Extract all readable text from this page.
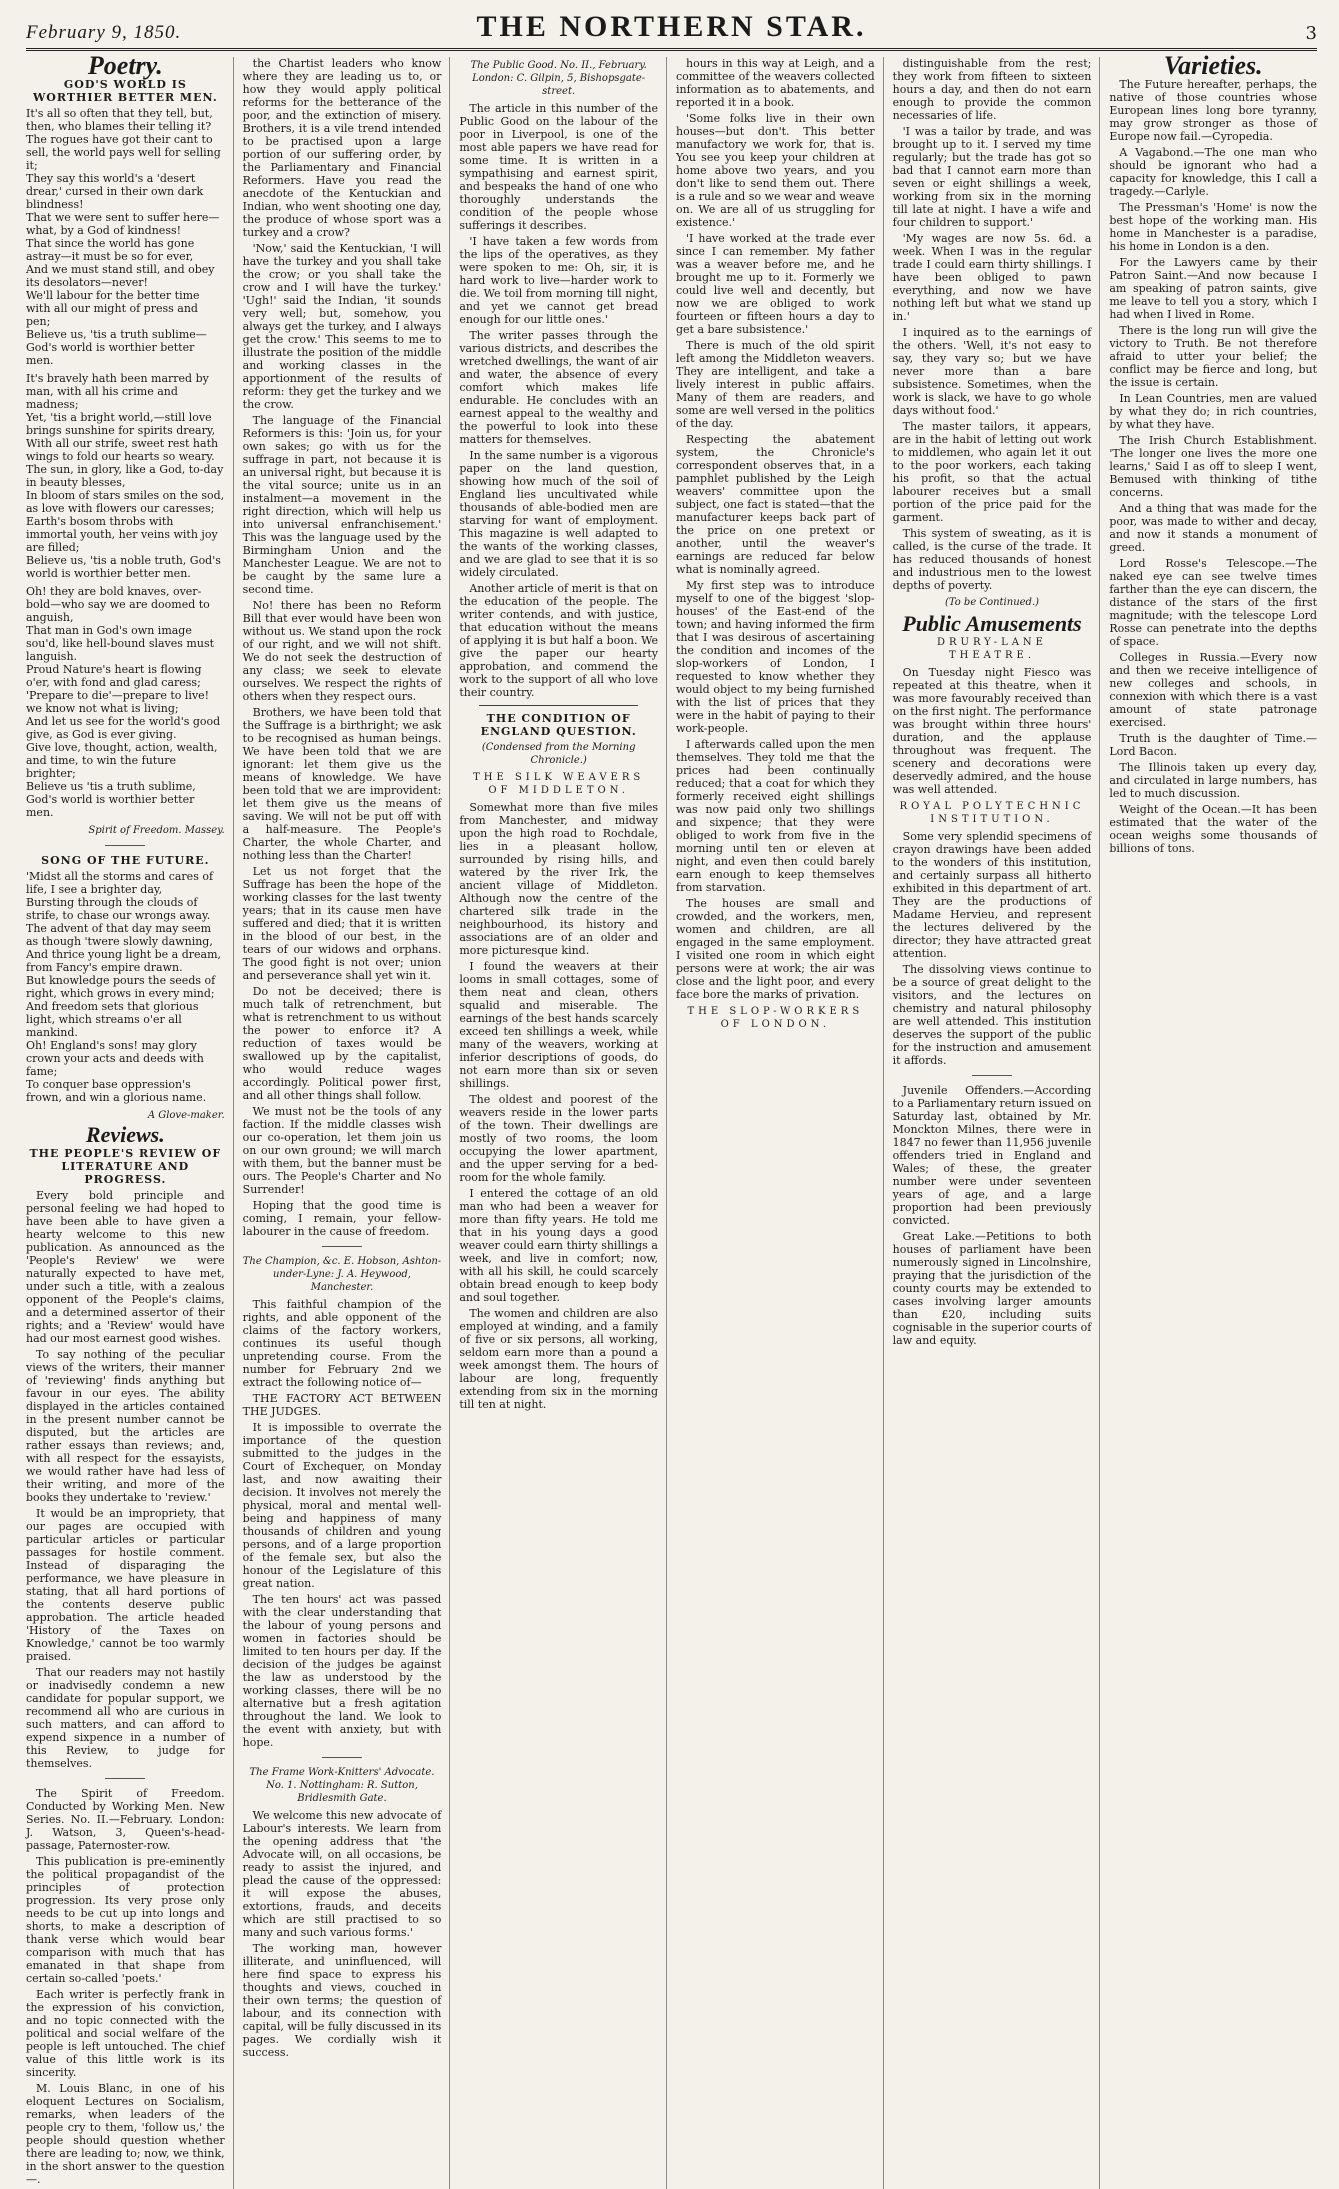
February 9, 1850.	THE NORTHERN STAR.	3
Poetry.
GOD'S WORLD IS WORTHIER BETTER MEN.

It's all so often that they tell, but, then, who blames their telling it?

The rogues have got their cant to sell, the world pays well for selling it;

They say this world's a 'desert drear,' cursed in their own dark blindness!

That we were sent to suffer here—what, by a God of kindness!

That since the world has gone astray—it must be so for ever,

And we must stand still, and obey its desolators—never!

We'll labour for the better time with all our might of press and pen;

Believe us, 'tis a truth sublime—God's world is worthier better men.

It's bravely hath been marred by man, with all his crime and madness;

Yet, 'tis a bright world,—still love brings sunshine for spirits dreary,

With all our strife, sweet rest hath wings to fold our hearts so weary.

The sun, in glory, like a God, to-day in beauty blesses,

In bloom of stars smiles on the sod, as love with flowers our caresses;

Earth's bosom throbs with immortal youth, her veins with joy are filled;

Believe us, 'tis a noble truth, God's world is worthier better men.

Oh! they are bold knaves, over-bold—who say we are doomed to anguish,

That man in God's own image sou'd, like hell-bound slaves must languish.

Proud Nature's heart is flowing o'er, with fond and glad caress;

'Prepare to die'—prepare to live! we know not what is living;

And let us see for the world's good give, as God is ever giving.

Give love, thought, action, wealth, and time, to win the future brighter;

Believe us 'tis a truth sublime, God's world is worthier better men.

Spirit of Freedom. Massey.
SONG OF THE FUTURE.

'Midst all the storms and cares of life, I see a brighter day,

Bursting through the clouds of strife, to chase our wrongs away.

The advent of that day may seem as though 'twere slowly dawning,

And thrice young light be a dream, from Fancy's empire drawn.

But knowledge pours the seeds of right, which grows in every mind;

And freedom sets that glorious light, which streams o'er all mankind.

Oh! England's sons! may glory crown your acts and deeds with fame;

To conquer base oppression's frown, and win a glorious name.

A Glove-maker.
Reviews.
THE PEOPLE'S REVIEW OF LITERATURE AND PROGRESS.

Every bold principle and personal feeling we had hoped to have been able to have given a hearty welcome to this new publication. As announced as the 'People's Review' we were naturally expected to have met, under such a title, with a zealous opponent of the People's claims, and a determined assertor of their rights; and a 'Review' would have had our most earnest good wishes.

To say nothing of the peculiar views of the writers, their manner of 'reviewing' finds anything but favour in our eyes. The ability displayed in the articles contained in the present number cannot be disputed, but the articles are rather essays than reviews; and, with all respect for the essayists, we would rather have had less of their writing, and more of the books they undertake to 'review.'

It would be an impropriety, that our pages are occupied with particular articles or particular passages for hostile comment. Instead of disparaging the performance, we have pleasure in stating, that all hard portions of the contents deserve public approbation. The article headed 'History of the Taxes on Knowledge,' cannot be too warmly praised.

That our readers may not hastily or inadvisedly condemn a new candidate for popular support, we recommend all who are curious in such matters, and can afford to expend sixpence in a number of this Review, to judge for themselves.

The Spirit of Freedom. Conducted by Working Men. New Series. No. II.—February. London: J. Watson, 3, Queen's-head-passage, Paternoster-row.

This publication is pre-eminently the political propagandist of the principles of protection progression. Its very prose only needs to be cut up into longs and shorts, to make a description of thank verse which would bear comparison with much that has emanated in that shape from certain so-called 'poets.'

Each writer is perfectly frank in the expression of his conviction, and no topic connected with the political and social welfare of the people is left untouched. The chief value of this little work is its sincerity.

M. Louis Blanc, in one of his eloquent Lectures on Socialism, remarks, when leaders of the people cry to them, 'follow us,' the people should question whether there are leading to; now, we think, in the short answer to the question—.

the Chartist leaders who know where they are leading us to, or how they would apply political reforms for the betterance of the poor, and the extinction of misery. Brothers, it is a vile trend intended to be practised upon a large portion of our suffering order, by the Parliamentary and Financial Reformers. Have you read the anecdote of the Kentuckian and Indian, who went shooting one day, the produce of whose sport was a turkey and a crow?

'Now,' said the Kentuckian, 'I will have the turkey and you shall take the crow; or you shall take the crow and I will have the turkey.' 'Ugh!' said the Indian, 'it sounds very well; but, somehow, you always get the turkey, and I always get the crow.' This seems to me to illustrate the position of the middle and working classes in the apportionment of the results of reform: they get the turkey and we the crow.

The language of the Financial Reformers is this: 'Join us, for your own sakes; go with us for the suffrage in part, not because it is an universal right, but because it is the vital source; unite us in an instalment—a movement in the right direction, which will help us into universal enfranchisement.' This was the language used by the Birmingham Union and the Manchester League. We are not to be caught by the same lure a second time.

No! there has been no Reform Bill that ever would have been won without us. We stand upon the rock of our right, and we will not shift. We do not seek the destruction of any class; we seek to elevate ourselves. We respect the rights of others when they respect ours.

Brothers, we have been told that the Suffrage is a birthright; we ask to be recognised as human beings. We have been told that we are ignorant: let them give us the means of knowledge. We have been told that we are improvident: let them give us the means of saving. We will not be put off with a half-measure. The People's Charter, the whole Charter, and nothing less than the Charter!

Let us not forget that the Suffrage has been the hope of the working classes for the last twenty years; that in its cause men have suffered and died; that it is written in the blood of our best, in the tears of our widows and orphans. The good fight is not over; union and perseverance shall yet win it.

Do not be deceived; there is much talk of retrenchment, but what is retrenchment to us without the power to enforce it? A reduction of taxes would be swallowed up by the capitalist, who would reduce wages accordingly. Political power first, and all other things shall follow.

We must not be the tools of any faction. If the middle classes wish our co-operation, let them join us on our own ground; we will march with them, but the banner must be ours. The People's Charter and No Surrender!

Hoping that the good time is coming, I remain, your fellow-labourer in the cause of freedom.

The Champion, &c. E. Hobson, Ashton-under-Lyne: J. A. Heywood, Manchester.

This faithful champion of the rights, and able opponent of the claims of the factory workers, continues its useful though unpretending course. From the number for February 2nd we extract the following notice of—

THE FACTORY ACT BETWEEN THE JUDGES.

It is impossible to overrate the importance of the question submitted to the judges in the Court of Exchequer, on Monday last, and now awaiting their decision. It involves not merely the physical, moral and mental well-being and happiness of many thousands of children and young persons, and of a large proportion of the female sex, but also the honour of the Legislature of this great nation.

The ten hours' act was passed with the clear understanding that the labour of young persons and women in factories should be limited to ten hours per day. If the decision of the judges be against the law as understood by the working classes, there will be no alternative but a fresh agitation throughout the land. We look to the event with anxiety, but with hope.

The Frame Work-Knitters' Advocate. No. 1. Nottingham: R. Sutton, Bridlesmith Gate.

We welcome this new advocate of Labour's interests. We learn from the opening address that 'the Advocate will, on all occasions, be ready to assist the injured, and plead the cause of the oppressed: it will expose the abuses, extortions, frauds, and deceits which are still practised to so many and such various forms.'

The working man, however illiterate, and uninfluenced, will here find space to express his thoughts and views, couched in their own terms; the question of labour, and its connection with capital, will be fully discussed in its pages. We cordially wish it success.

The Public Good. No. II., February. London: C. Gilpin, 5, Bishopsgate-street.

The article in this number of the Public Good on the labour of the poor in Liverpool, is one of the most able papers we have read for some time. It is written in a sympathising and earnest spirit, and bespeaks the hand of one who thoroughly understands the condition of the people whose sufferings it describes.

'I have taken a few words from the lips of the operatives, as they were spoken to me: Oh, sir, it is hard work to live—harder work to die. We toil from morning till night, and yet we cannot get bread enough for our little ones.'

The writer passes through the various districts, and describes the wretched dwellings, the want of air and water, the absence of every comfort which makes life endurable. He concludes with an earnest appeal to the wealthy and the powerful to look into these matters for themselves.

In the same number is a vigorous paper on the land question, showing how much of the soil of England lies uncultivated while thousands of able-bodied men are starving for want of employment. This magazine is well adapted to the wants of the working classes, and we are glad to see that it is so widely circulated.

Another article of merit is that on the education of the people. The writer contends, and with justice, that education without the means of applying it is but half a boon. We give the paper our hearty approbation, and commend the work to the support of all who love their country.

THE CONDITION OF ENGLAND QUESTION.
(Condensed from the Morning Chronicle.)
THE SILK WEAVERS OF MIDDLETON.

Somewhat more than five miles from Manchester, and midway upon the high road to Rochdale, lies in a pleasant hollow, surrounded by rising hills, and watered by the river Irk, the ancient village of Middleton. Although now the centre of the chartered silk trade in the neighbourhood, its history and associations are of an older and more picturesque kind.

I found the weavers at their looms in small cottages, some of them neat and clean, others squalid and miserable. The earnings of the best hands scarcely exceed ten shillings a week, while many of the weavers, working at inferior descriptions of goods, do not earn more than six or seven shillings.

The oldest and poorest of the weavers reside in the lower parts of the town. Their dwellings are mostly of two rooms, the loom occupying the lower apartment, and the upper serving for a bed-room for the whole family.

I entered the cottage of an old man who had been a weaver for more than fifty years. He told me that in his young days a good weaver could earn thirty shillings a week, and live in comfort; now, with all his skill, he could scarcely obtain bread enough to keep body and soul together.

The women and children are also employed at winding, and a family of five or six persons, all working, seldom earn more than a pound a week amongst them. The hours of labour are long, frequently extending from six in the morning till ten at night.

hours in this way at Leigh, and a committee of the weavers collected information as to abatements, and reported it in a book.

'Some folks live in their own houses—but don't. This better manufactory we work for, that is. You see you keep your children at home above two years, and you don't like to send them out. There is a rule and so we wear and weave on. We are all of us struggling for existence.'

'I have worked at the trade ever since I can remember. My father was a weaver before me, and he brought me up to it. Formerly we could live well and decently, but now we are obliged to work fourteen or fifteen hours a day to get a bare subsistence.'

There is much of the old spirit left among the Middleton weavers. They are intelligent, and take a lively interest in public affairs. Many of them are readers, and some are well versed in the politics of the day.

Respecting the abatement system, the Chronicle's correspondent observes that, in a pamphlet published by the Leigh weavers' committee upon the subject, one fact is stated—that the manufacturer keeps back part of the price on one pretext or another, until the weaver's earnings are reduced far below what is nominally agreed.

My first step was to introduce myself to one of the biggest 'slop-houses' of the East-end of the town; and having informed the firm that I was desirous of ascertaining the condition and incomes of the slop-workers of London, I requested to know whether they would object to my being furnished with the list of prices that they were in the habit of paying to their work-people.

I afterwards called upon the men themselves. They told me that the prices had been continually reduced; that a coat for which they formerly received eight shillings was now paid only two shillings and sixpence; that they were obliged to work from five in the morning until ten or eleven at night, and even then could barely earn enough to keep themselves from starvation.

The houses are small and crowded, and the workers, men, women and children, are all engaged in the same employment. I visited one room in which eight persons were at work; the air was close and the light poor, and every face bore the marks of privation.

THE SLOP-WORKERS OF LONDON.

distinguishable from the rest; they work from fifteen to sixteen hours a day, and then do not earn enough to provide the common necessaries of life.

'I was a tailor by trade, and was brought up to it. I served my time regularly; but the trade has got so bad that I cannot earn more than seven or eight shillings a week, working from six in the morning till late at night. I have a wife and four children to support.'

'My wages are now 5s. 6d. a week. When I was in the regular trade I could earn thirty shillings. I have been obliged to pawn everything, and now we have nothing left but what we stand up in.'

I inquired as to the earnings of the others. 'Well, it's not easy to say, they vary so; but we have never more than a bare subsistence. Sometimes, when the work is slack, we have to go whole days without food.'

The master tailors, it appears, are in the habit of letting out work to middlemen, who again let it out to the poor workers, each taking his profit, so that the actual labourer receives but a small portion of the price paid for the garment.

This system of sweating, as it is called, is the curse of the trade. It has reduced thousands of honest and industrious men to the lowest depths of poverty.

(To be Continued.)
Public Amusements
DRURY-LANE THEATRE.

On Tuesday night Fiesco was repeated at this theatre, when it was more favourably received than on the first night. The performance was brought within three hours' duration, and the applause throughout was frequent. The scenery and decorations were deservedly admired, and the house was well attended.

ROYAL POLYTECHNIC INSTITUTION.

Some very splendid specimens of crayon drawings have been added to the wonders of this institution, and certainly surpass all hitherto exhibited in this department of art. They are the productions of Madame Hervieu, and represent the lectures delivered by the director; they have attracted great attention.

The dissolving views continue to be a source of great delight to the visitors, and the lectures on chemistry and natural philosophy are well attended. This institution deserves the support of the public for the instruction and amusement it affords.

Juvenile Offenders.—According to a Parliamentary return issued on Saturday last, obtained by Mr. Monckton Milnes, there were in 1847 no fewer than 11,956 juvenile offenders tried in England and Wales; of these, the greater number were under seventeen years of age, and a large proportion had been previously convicted.

Great Lake.—Petitions to both houses of parliament have been numerously signed in Lincolnshire, praying that the jurisdiction of the county courts may be extended to cases involving larger amounts than £20, including suits cognisable in the superior courts of law and equity.

Varieties.

The Future hereafter, perhaps, the native of those countries whose European lines long bore tyranny, may grow stronger as those of Europe now fail.—Cyropedia.

A Vagabond.—The one man who should be ignorant who had a capacity for knowledge, this I call a tragedy.—Carlyle.

The Pressman's 'Home' is now the best hope of the working man. His home in Manchester is a paradise, his home in London is a den.

For the Lawyers came by their Patron Saint.—And now because I am speaking of patron saints, give me leave to tell you a story, which I had when I lived in Rome.

There is the long run will give the victory to Truth. Be not therefore afraid to utter your belief; the conflict may be fierce and long, but the issue is certain.

In Lean Countries, men are valued by what they do; in rich countries, by what they have.

The Irish Church Establishment. 'The longer one lives the more one learns,' Said I as off to sleep I went, Bemused with thinking of tithe concerns.

And a thing that was made for the poor, was made to wither and decay, and now it stands a monument of greed.

Lord Rosse's Telescope.—The naked eye can see twelve times farther than the eye can discern, the distance of the stars of the first magnitude; with the telescope Lord Rosse can penetrate into the depths of space.

Colleges in Russia.—Every now and then we receive intelligence of new colleges and schools, in connexion with which there is a vast amount of state patronage exercised.

Truth is the daughter of Time.—Lord Bacon.

The Illinois taken up every day, and circulated in large numbers, has led to much discussion.

Weight of the Ocean.—It has been estimated that the water of the ocean weighs some thousands of billions of tons.
